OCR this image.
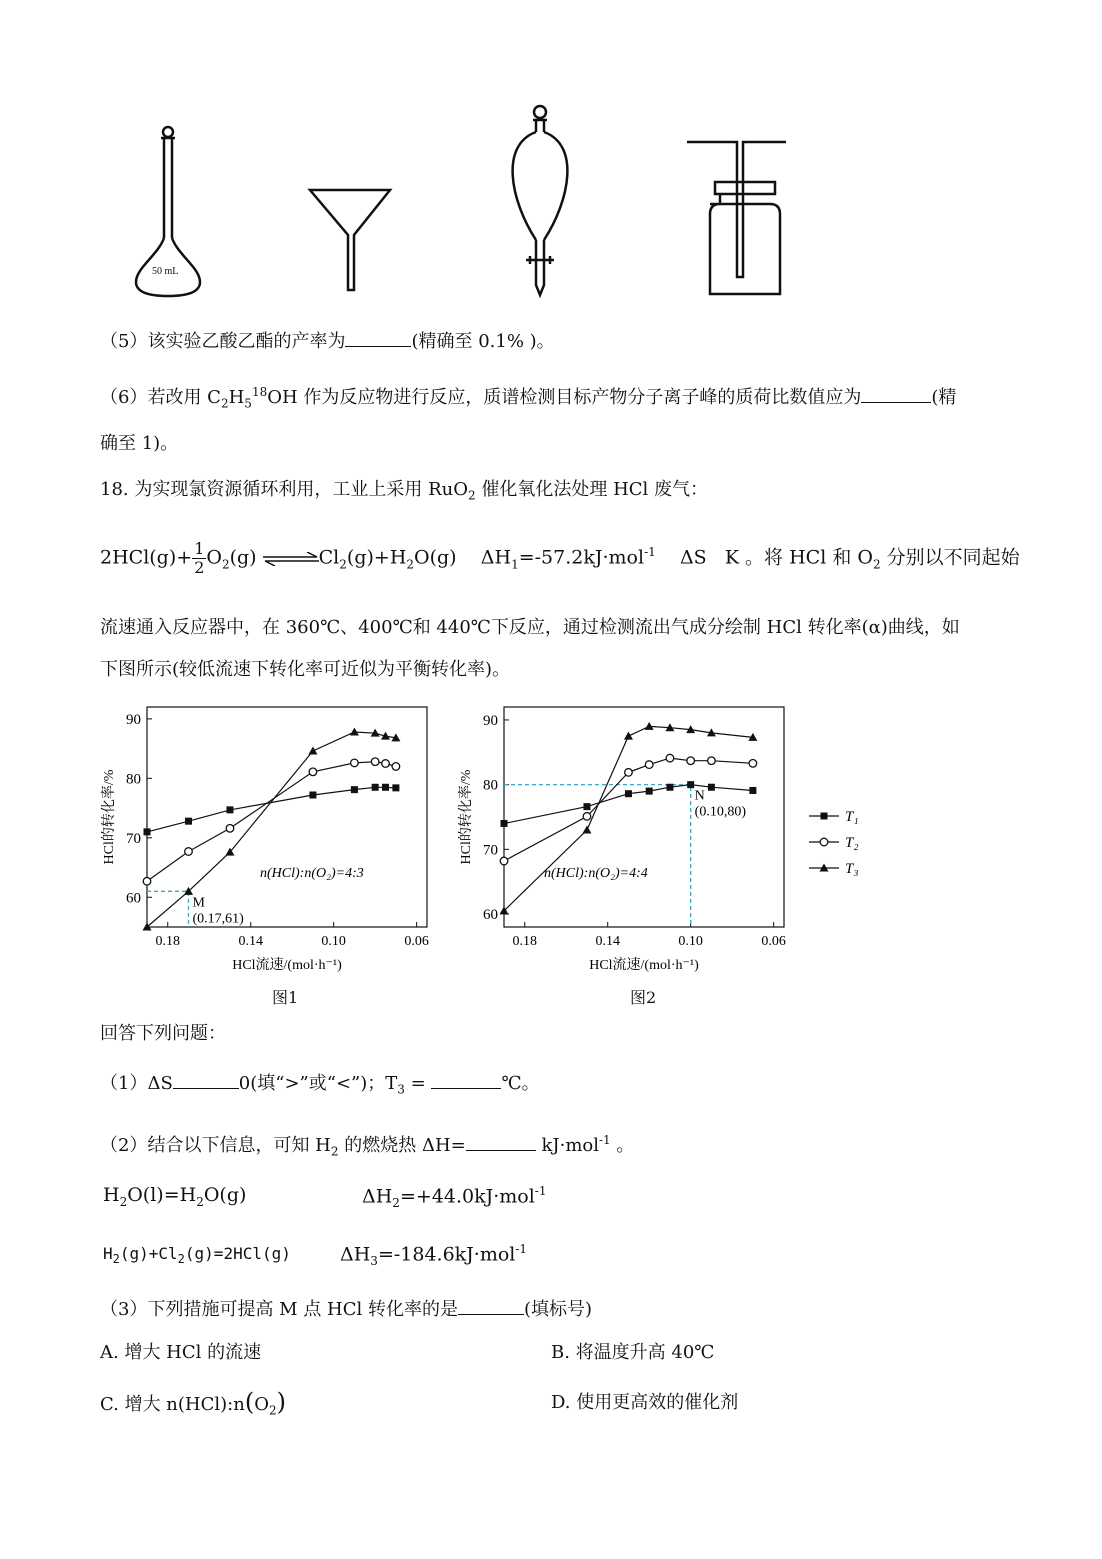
50 mL
（5）该实验乙酸乙酯的产率为	(精确至 0.1% )。
（6）若改用 $C_2H_5^{18}OH$ 作为反应物进行反应，质谱检测目标产物分子离子峰的质荷比数值应为	(精
确至 1)。
18. 为实现氯资源循环利用，工业上采用 RuO$_2$ 催化氧化法处理 HCl 废气：
$2HCl(g)+ \frac{1}{2} O_2(g)$ $\rightleftharpoons Cl_2(g)+H_2O(g)$ $\Delta H_1=-57.2kJ\cdot mol^{-1}$ ΔS K 。将 HCl 和 $O_2$ 分别以不同起始
流速通入反应器中，在 360℃、400℃和 440℃下反应，通过检测流出气成分绘制 HCl 转化率(α)曲线，如
下图所示(较低流速下转化率可近似为平衡转化率)。
0.18	0.14	0.10	0.06
60
70
80
90
HCl流速/(mol·h⁻¹)
HCl的转化率/%
M
(0.17,61)
n(HCl):n(O₂)=4:3
0.18	0.14	0.10	0.06
60
70
80
90
HCl流速/(mol·h⁻¹)
HCl的转化率/%	N
(0.10,80)
n(HCl):n(O₂)=4:4
T₁
T₂
T₃
图1	图2
回答下列问题：
（1）ΔS	0(填“>”或“<”)；$T_3$ =	℃。
（2）结合以下信息，可知 $H_2$ 的燃烧热 ΔH=	kJ·mol$^{-1}$ 。
$H_2O(l)=H_2O(g)$	$\Delta H_2=+44.0kJ\cdot mol^{-1}$
$H_2(g)+Cl_2(g)=2HCl(g)$	$\Delta H_3=-184.6kJ\cdot mol^{-1}$
（3）下列措施可提高 M 点 HCl 转化率的是	(填标号)
A. 增大 HCl 的流速	B. 将温度升高 40℃
C. 增大 $n(HCl):n(O_2)$	D. 使用更高效的催化剂
